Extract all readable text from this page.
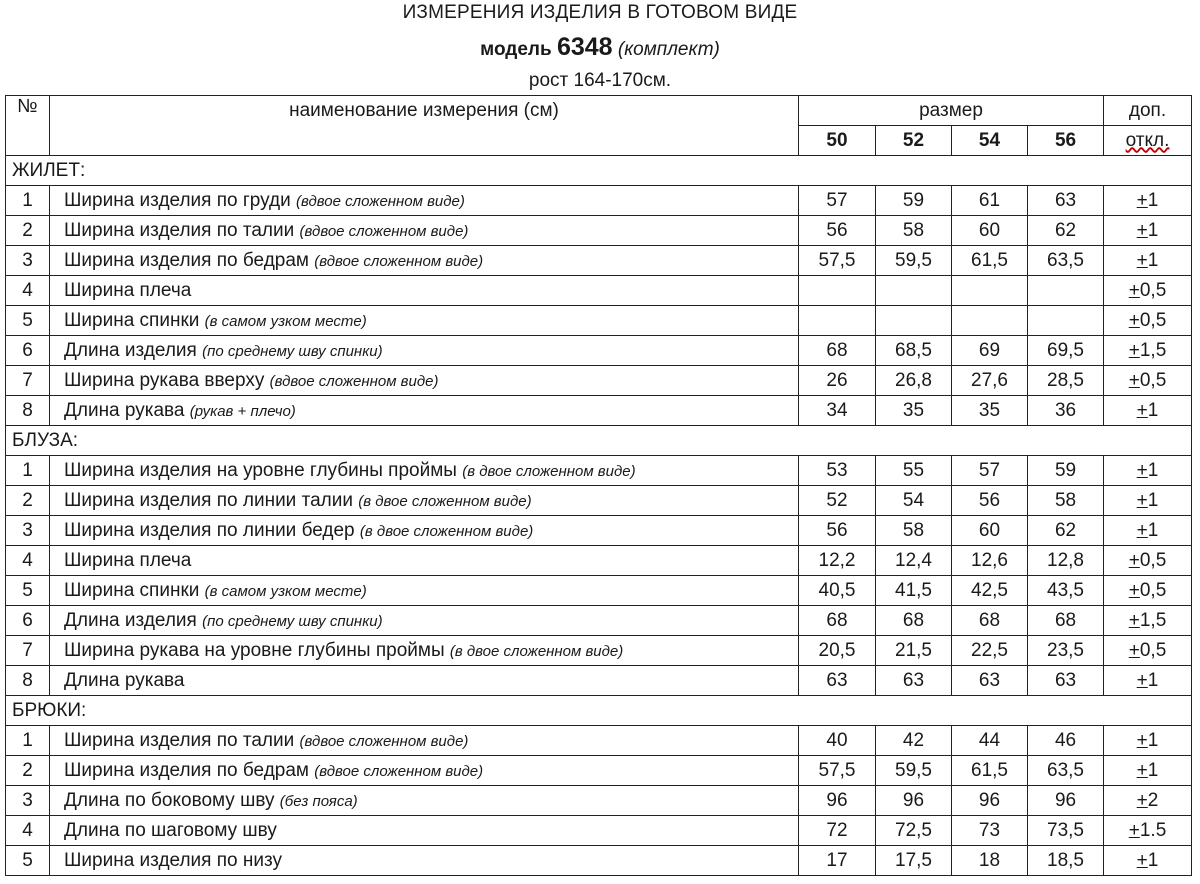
ИЗМЕРЕНИЯ ИЗДЕЛИЯ В ГОТОВОМ ВИДЕ
модель 6348 (комплект)
рост 164-170см.
№	наименование измерения (см)	размер				доп.
		50	52	54	56	откл.
ЖИЛЕТ:						
1	Ширина изделия по груди (вдвое сложенном виде)	57	59	61	63	+1
2	Ширина изделия по талии (вдвое сложенном виде)	56	58	60	62	+1
3	Ширина изделия по бедрам (вдвое сложенном виде)	57,5	59,5	61,5	63,5	+1
4	Ширина плеча					+0,5
5	Ширина спинки (в самом узком месте)					+0,5
6	Длина изделия (по среднему шву спинки)	68	68,5	69	69,5	+1,5
7	Ширина рукава вверху (вдвое сложенном виде)	26	26,8	27,6	28,5	+0,5
8	Длина рукава (рукав + плечо)	34	35	35	36	+1
БЛУЗА:						
1	Ширина изделия на уровне глубины проймы (в двое сложенном виде)	53	55	57	59	+1
2	Ширина изделия по линии талии (в двое сложенном виде)	52	54	56	58	+1
3	Ширина изделия по линии бедер (в двое сложенном виде)	56	58	60	62	+1
4	Ширина плеча	12,2	12,4	12,6	12,8	+0,5
5	Ширина спинки (в самом узком месте)	40,5	41,5	42,5	43,5	+0,5
6	Длина изделия (по среднему шву спинки)	68	68	68	68	+1,5
7	Ширина рукава на уровне глубины проймы (в двое сложенном виде)	20,5	21,5	22,5	23,5	+0,5
8	Длина рукава	63	63	63	63	+1
БРЮКИ:						
1	Ширина изделия по талии (вдвое сложенном виде)	40	42	44	46	+1
2	Ширина изделия по бедрам (вдвое сложенном виде)	57,5	59,5	61,5	63,5	+1
3	Длина по боковому шву (без пояса)	96	96	96	96	+2
4	Длина по шаговому шву	72	72,5	73	73,5	+1.5
5	Ширина изделия по низу	17	17,5	18	18,5	+1
